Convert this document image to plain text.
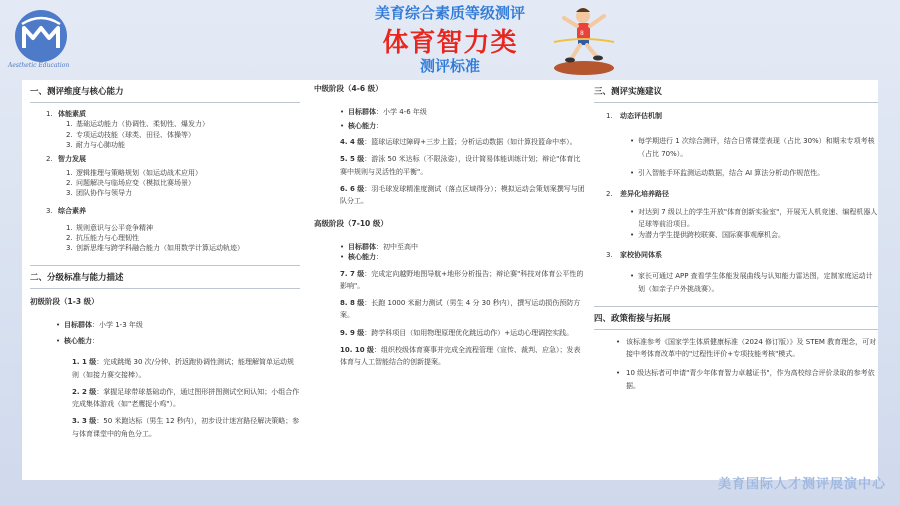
Aesthetic Education
美育综合素质等级测评
体育智力类
测评标准
8
一、测评维度与核心能力
1. 体能素质
1. 基础运动能力（协调性、柔韧性、爆发力）
2. 专项运动技能（球类、田径、体操等）
3. 耐力与心肺功能
2. 智力发展
1. 逻辑推理与策略规划（如运动战术应用）
2. 问题解决与临场应变（模拟比赛场景）
3. 团队协作与领导力
3. 综合素养
1. 规则意识与公平竞争精神
2. 抗压能力与心理韧性
3. 创新思维与跨学科融合能力（如用数学计算运动轨迹）
二、分级标准与能力描述
初级阶段（1-3 级）
• 目标群体：小学 1-3 年级
• 核心能力：
1. 1 级：完成跳绳 30 次/分钟、折返跑协调性测试；能理解简单运动规则（如接力赛交接棒）。
2. 2 级：掌握足球带球基础动作，通过图形拼图测试空间认知；小组合作完成集体游戏（如"老鹰捉小鸡"）。
3. 3 级：50 米跑达标（男生 12 秒内），初步设计迷宫路径解决策略；参与体育课堂中的角色分工。
中级阶段（4-6 级）
• 目标群体：小学 4-6 年级
• 核心能力：
4. 4 级：篮球运球过障碍+三步上篮；分析运动数据（如计算投篮命中率）。
5. 5 级：游泳 50 米达标（不限泳姿），设计简易体能训练计划；辩论"体育比赛中规则与灵活性的平衡"。
6. 6 级：羽毛球发球精准度测试（落点区域得分）；模拟运动会策划案撰写与团队分工。
高级阶段（7-10 级）
• 目标群体：初中至高中
• 核心能力：
7. 7 级：完成定向越野地图导航+地形分析报告；辩论赛"科技对体育公平性的影响"。
8. 8 级：长跑 1000 米耐力测试（男生 4 分 30 秒内），撰写运动损伤预防方案。
9. 9 级：跨学科项目（如用物理原理优化跳远动作）+运动心理调控实践。
10. 10 级：组织校级体育赛事并完成全流程管理（宣传、裁判、应急）；发表体育与人工智能结合的创新提案。
三、测评实施建议
1. 动态评估机制
• 每学期进行 1 次综合测评，结合日常课堂表现（占比 30%）和期末专项考核（占比 70%）。
• 引入智能手环监测运动数据，结合 AI 算法分析动作规范性。
2. 差异化培养路径
• 对达到 7 级以上的学生开放"体育创新实验室"，开展无人机竞速、编程机器人足球等前沿项目。
• 为潜力学生提供跨校联赛、国际赛事观摩机会。
3. 家校协同体系
• 家长可通过 APP 查看学生体能发展曲线与认知能力雷达图，定制家庭运动计划（如亲子户外挑战赛）。
四、政策衔接与拓展
• 该标准参考《国家学生体质健康标准（2024 修订版）》及 STEM 教育理念，可对接中考体育改革中的"过程性评价+专项技能考核"模式。
• 10 级达标者可申请"青少年体育智力卓越证书"，作为高校综合评价录取的参考依据。
美育国际人才测评展演中心
